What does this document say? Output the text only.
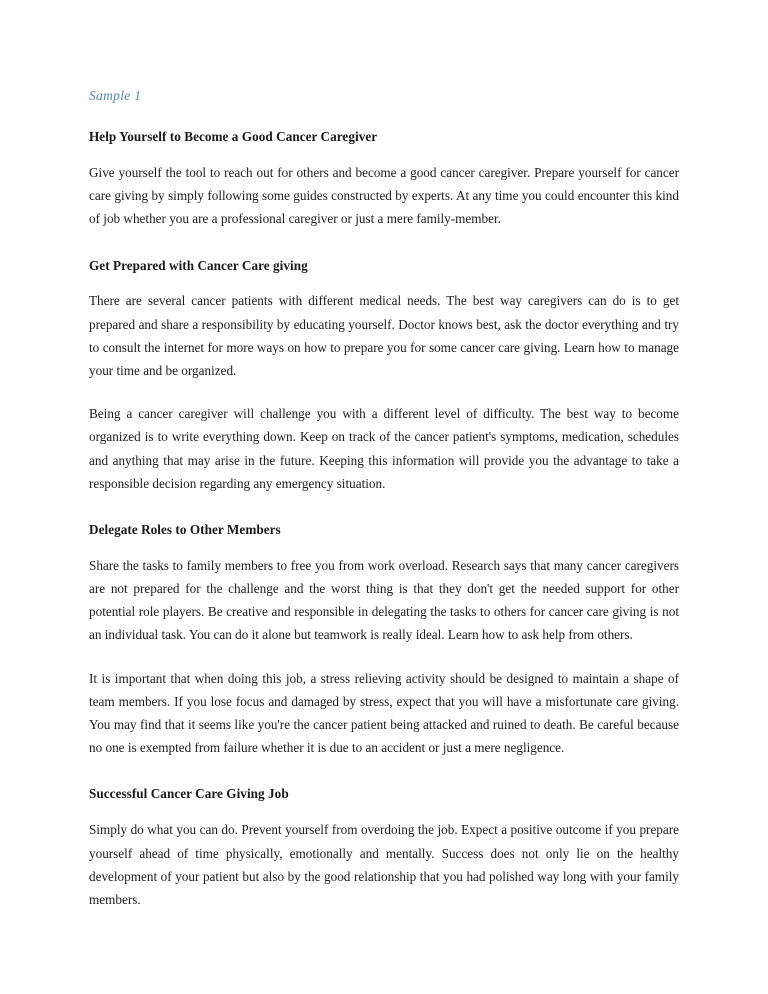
Sample 1
Help Yourself to Become a Good Cancer Caregiver

Give yourself the tool to reach out for others and become a good cancer caregiver. Prepare yourself for cancer care giving by simply following some guides constructed by experts. At any time you could encounter this kind of job whether you are a professional caregiver or just a mere family-member.

Get Prepared with Cancer Care giving

There are several cancer patients with different medical needs. The best way caregivers can do is to get prepared and share a responsibility by educating yourself. Doctor knows best, ask the doctor everything and try to consult the internet for more ways on how to prepare you for some cancer care giving. Learn how to manage your time and be organized.

Being a cancer caregiver will challenge you with a different level of difficulty. The best way to become organized is to write everything down. Keep on track of the cancer patient's symptoms, medication, schedules and anything that may arise in the future. Keeping this information will provide you the advantage to take a responsible decision regarding any emergency situation.

Delegate Roles to Other Members

Share the tasks to family members to free you from work overload. Research says that many cancer caregivers are not prepared for the challenge and the worst thing is that they don't get the needed support for other potential role players. Be creative and responsible in delegating the tasks to others for cancer care giving is not an individual task. You can do it alone but teamwork is really ideal. Learn how to ask help from others.

It is important that when doing this job, a stress relieving activity should be designed to maintain a shape of team members. If you lose focus and damaged by stress, expect that you will have a misfortunate care giving. You may find that it seems like you're the cancer patient being attacked and ruined to death. Be careful because no one is exempted from failure whether it is due to an accident or just a mere negligence.

Successful Cancer Care Giving Job

Simply do what you can do. Prevent yourself from overdoing the job. Expect a positive outcome if you prepare yourself ahead of time physically, emotionally and mentally. Success does not only lie on the healthy development of your patient but also by the good relationship that you had polished way long with your family members.
